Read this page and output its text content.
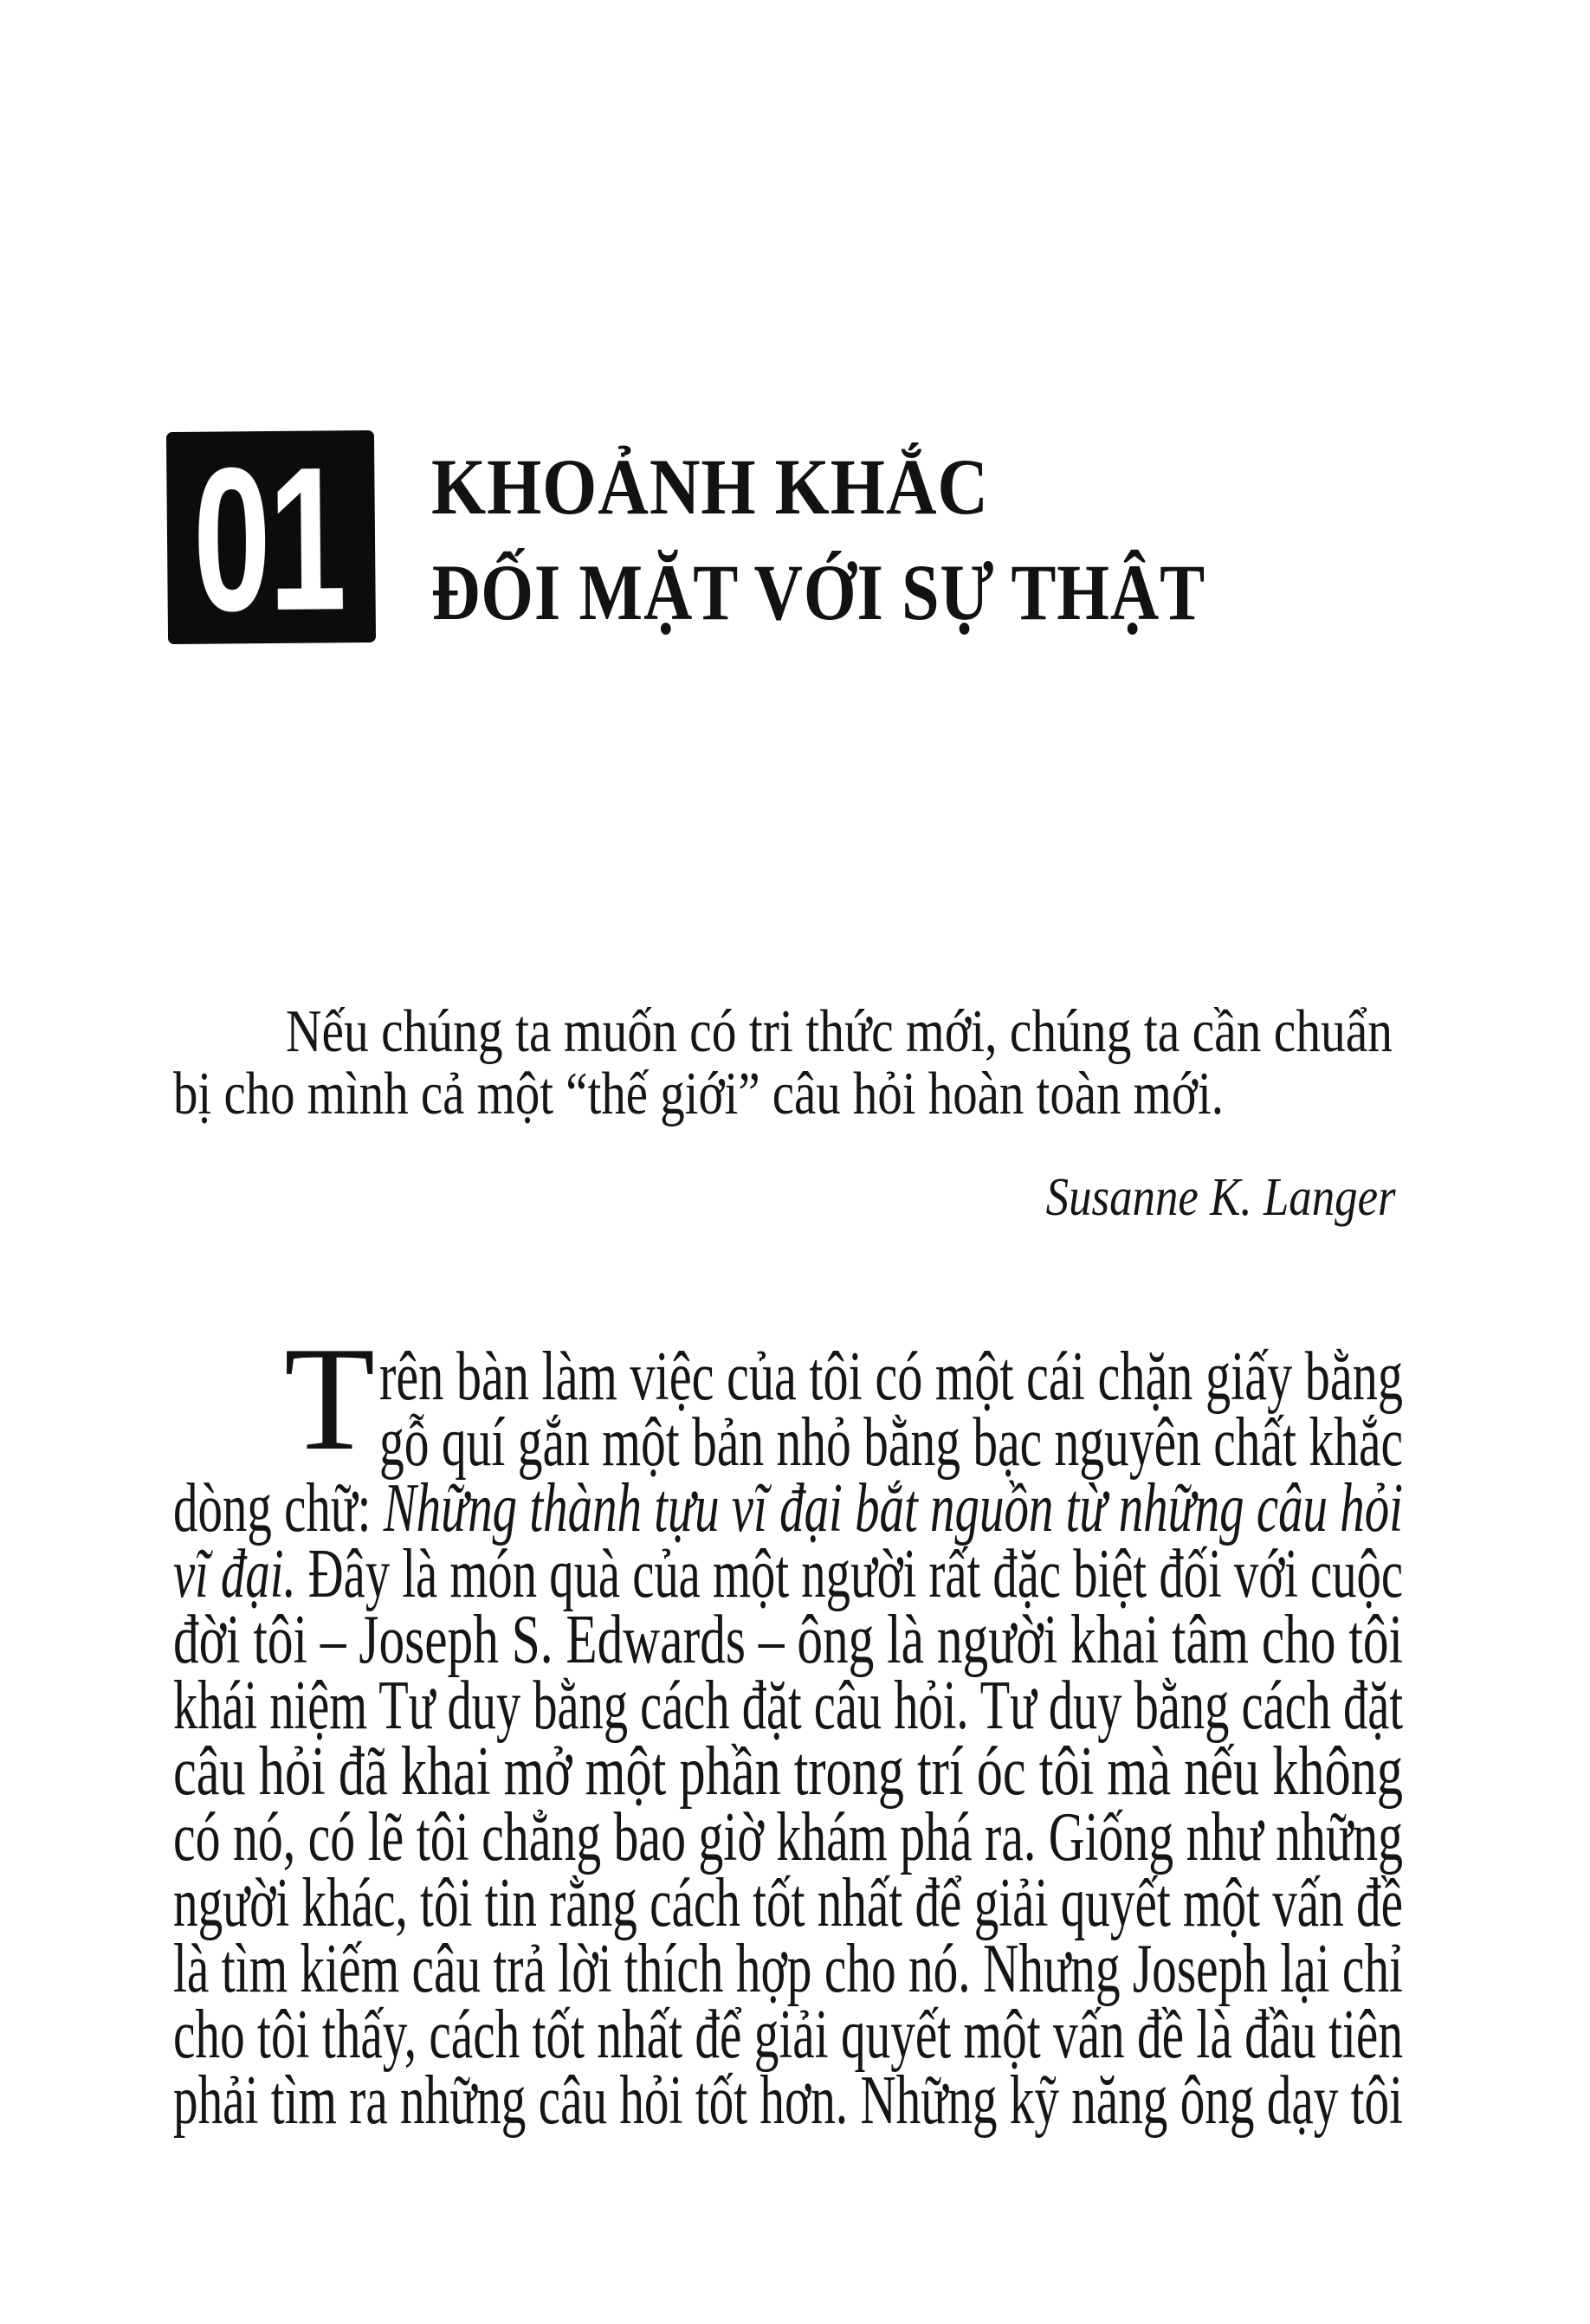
01 KHOẢNH KHẮC
ĐỐI MẶT VỚI SỰ THẬT
Nếu chúng ta muốn có tri thức mới, chúng ta cần chuẩn
bị cho mình cả một “thế giới” câu hỏi hoàn toàn mới.
Susanne K. Langer
T rên bàn làm việc của tôi có một cái chặn giấy bằng
gỗ quí gắn một bản nhỏ bằng bạc nguyên chất khắc
dòng chữ: Những thành tựu vĩ đại bắt nguồn từ những câu hỏi
vĩ đại. Đây là món quà của một người rất đặc biệt đối với cuộc
đời tôi – Joseph S. Edwards – ông là người khai tâm cho tôi
khái niệm Tư duy bằng cách đặt câu hỏi. Tư duy bằng cách đặt
câu hỏi đã khai mở một phần trong trí óc tôi mà nếu không
có nó, có lẽ tôi chẳng bao giờ khám phá ra. Giống như những
người khác, tôi tin rằng cách tốt nhất để giải quyết một vấn đề
là tìm kiếm câu trả lời thích hợp cho nó. Nhưng Joseph lại chỉ
cho tôi thấy, cách tốt nhất để giải quyết một vấn đề là đầu tiên
phải tìm ra những câu hỏi tốt hơn. Những kỹ năng ông dạy tôi
